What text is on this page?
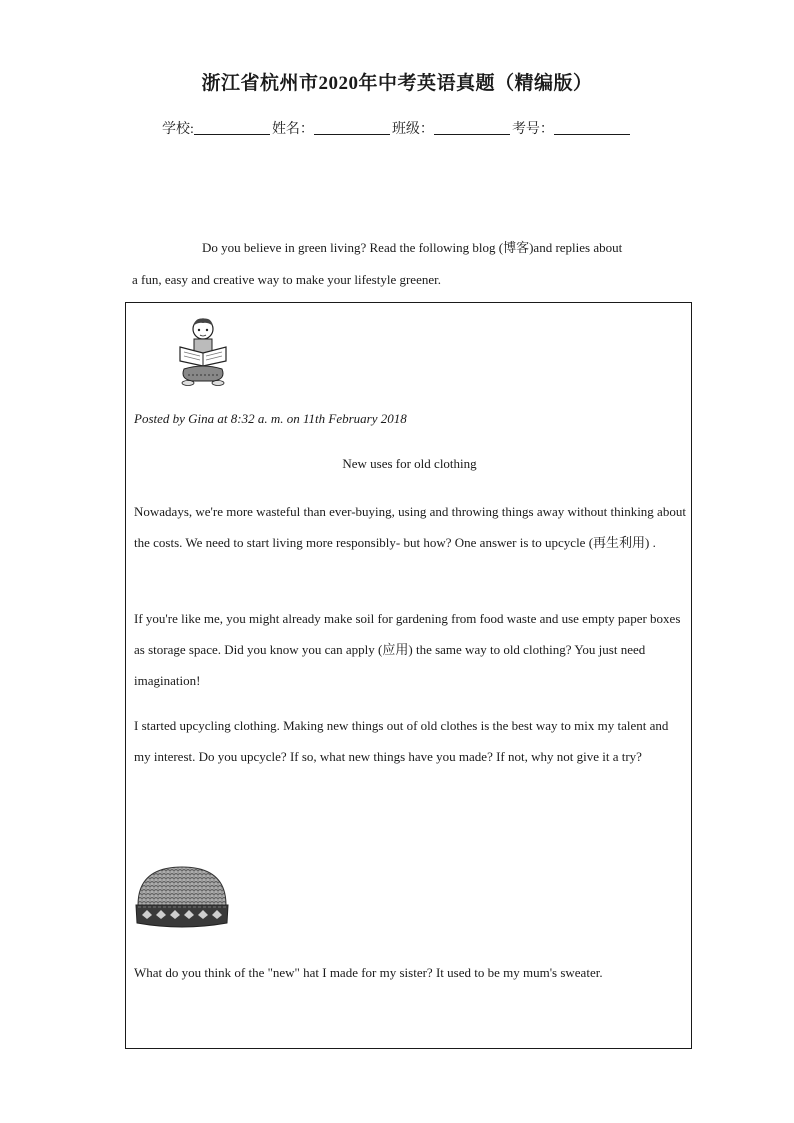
浙江省杭州市2020年中考英语真题（精编版）
学校:	姓名：	班级：	考号：
Do you believe in green living? Read the following blog (博客)and replies about
a fun, easy and creative way to make your lifestyle greener.
Posted by Gina at 8:32 a. m. on 11th February 2018
New uses for old clothing

Nowadays, we're more wasteful than ever-buying, using and throwing things away without thinking about the costs. We need to start living more responsibly- but how? One answer is to upcycle (再生利用) .

If you're like me, you might already make soil for gardening from food waste and use empty paper boxes as storage space. Did you know you can apply (应用) the same way to old clothing? You just need imagination!

I started upcycling clothing. Making new things out of old clothes is the best way to mix my talent and my interest. Do you upcycle? If so, what new things have you made? If not, why not give it a try?

What do you think of the "new" hat I made for my sister? It used to be my mum's sweater.
